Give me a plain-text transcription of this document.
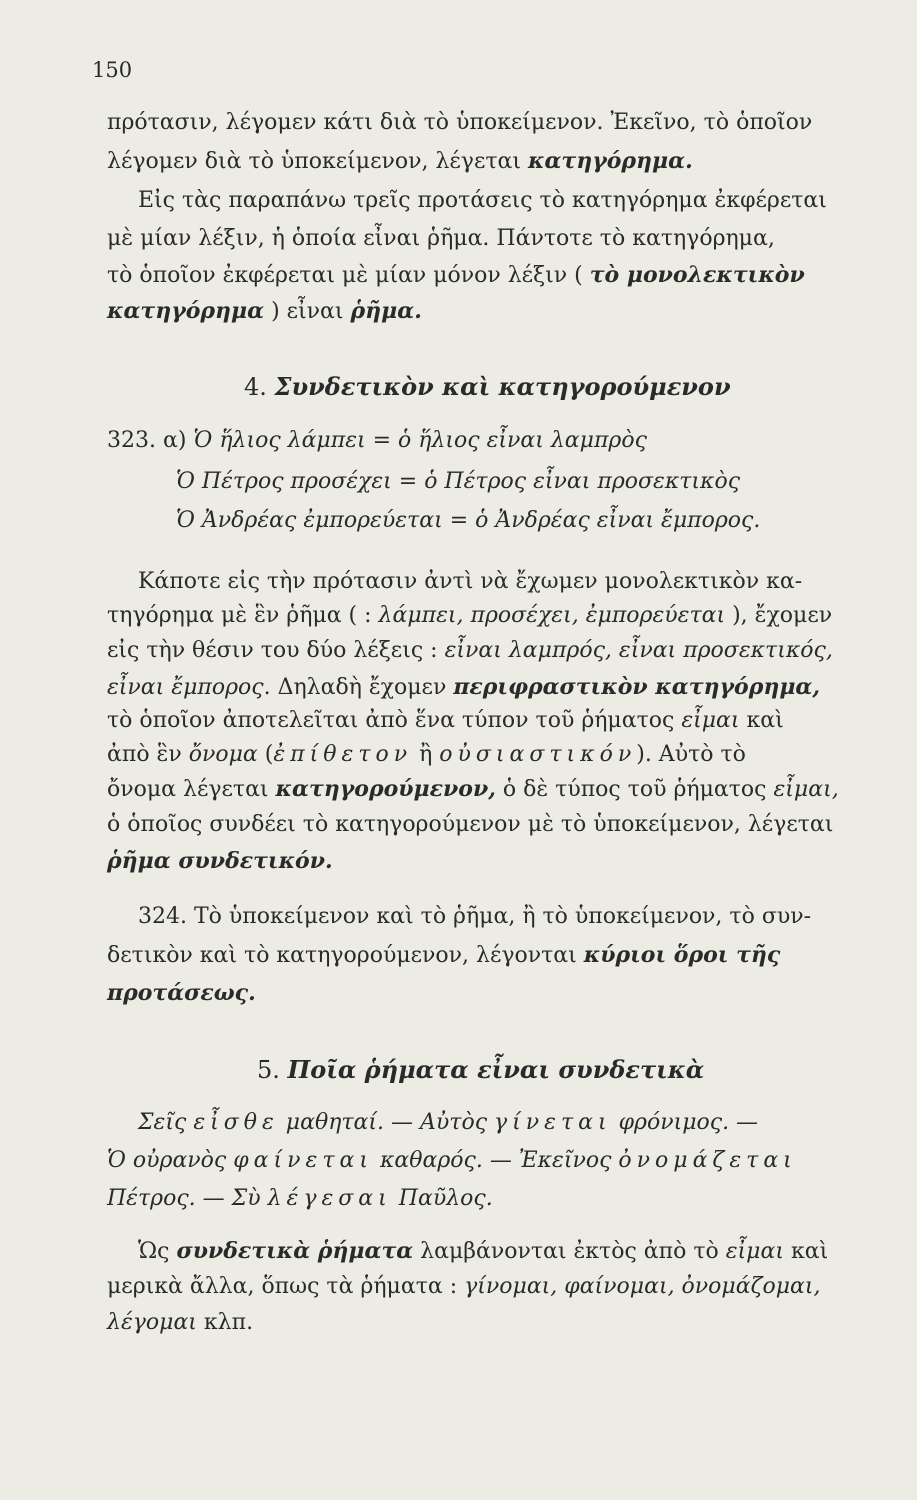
150
πρότασιν, λέγομεν κάτι διὰ τὸ ὑποκείμενον. Ἐκεῖνο, τὸ ὁποῖον
λέγομεν διὰ τὸ ὑποκείμενον, λέγεται κατηγόρημα.
Εἰς τὰς παραπάνω τρεῖς προτάσεις τὸ κατηγόρημα ἐκφέρεται
μὲ μίαν λέξιν, ἡ ὁποία εἶναι ῥῆμα. Πάντοτε τὸ κατηγόρημα,
τὸ ὁποῖον ἐκφέρεται μὲ μίαν μόνον λέξιν ( τὸ μονολεκτικὸν
κατηγόρημα ) εἶναι ῥῆμα.
4. Συνδετικὸν καὶ κατηγορούμενον
323. α) Ὁ ἥλιος λάμπει = ὁ ἥλιος εἶναι λαμπρὸς
Ὁ Πέτρος προσέχει = ὁ Πέτρος εἶναι προσεκτικὸς
Ὁ Ἀνδρέας ἐμπορεύεται = ὁ Ἀνδρέας εἶναι ἔμπορος.
Κάποτε εἰς τὴν πρότασιν ἀντὶ νὰ ἔχωμεν μονολεκτικὸν κα-
τηγόρημα μὲ ἓν ῥῆμα ( : λάμπει, προσέχει, ἐμπορεύεται ), ἔχομεν
εἰς τὴν θέσιν του δύο λέξεις : εἶναι λαμπρός, εἶναι προσεκτικός,
εἶναι ἔμπορος. Δηλαδὴ ἔχομεν περιφραστικὸν κατηγόρημα,
τὸ ὁποῖον ἀποτελεῖται ἀπὸ ἕνα τύπον τοῦ ῥήματος εἶμαι καὶ
ἀπὸ ἓν ὄνομα (ἐπίθετον ἢ οὐσιαστικόν). Αὐτὸ τὸ
ὄνομα λέγεται κατηγορούμενον, ὁ δὲ τύπος τοῦ ῥήματος εἶμαι,
ὁ ὁποῖος συνδέει τὸ κατηγορούμενον μὲ τὸ ὑποκείμενον, λέγεται
ῥῆμα συνδετικόν.
324. Τὸ ὑποκείμενον καὶ τὸ ῥῆμα, ἢ τὸ ὑποκείμενον, τὸ συν-
δετικὸν καὶ τὸ κατηγορούμενον, λέγονται κύριοι ὅροι τῆς
προτάσεως.
5. Ποῖα ῥήματα εἶναι συνδετικὰ
Σεῖς εἶσθε μαθηταί. — Αὐτὸς γίνεται φρόνιμος. —
Ὁ οὐρανὸς φαίνεται καθαρός. — Ἐκεῖνος ὀνομάζεται
Πέτρος. — Σὺ λέγεσαι Παῦλος.
Ὡς συνδετικὰ ῥήματα λαμβάνονται ἐκτὸς ἀπὸ τὸ εἶμαι καὶ
μερικὰ ἄλλα, ὅπως τὰ ῥήματα : γίνομαι, φαίνομαι, ὀνομάζομαι,
λέγομαι κλπ.
